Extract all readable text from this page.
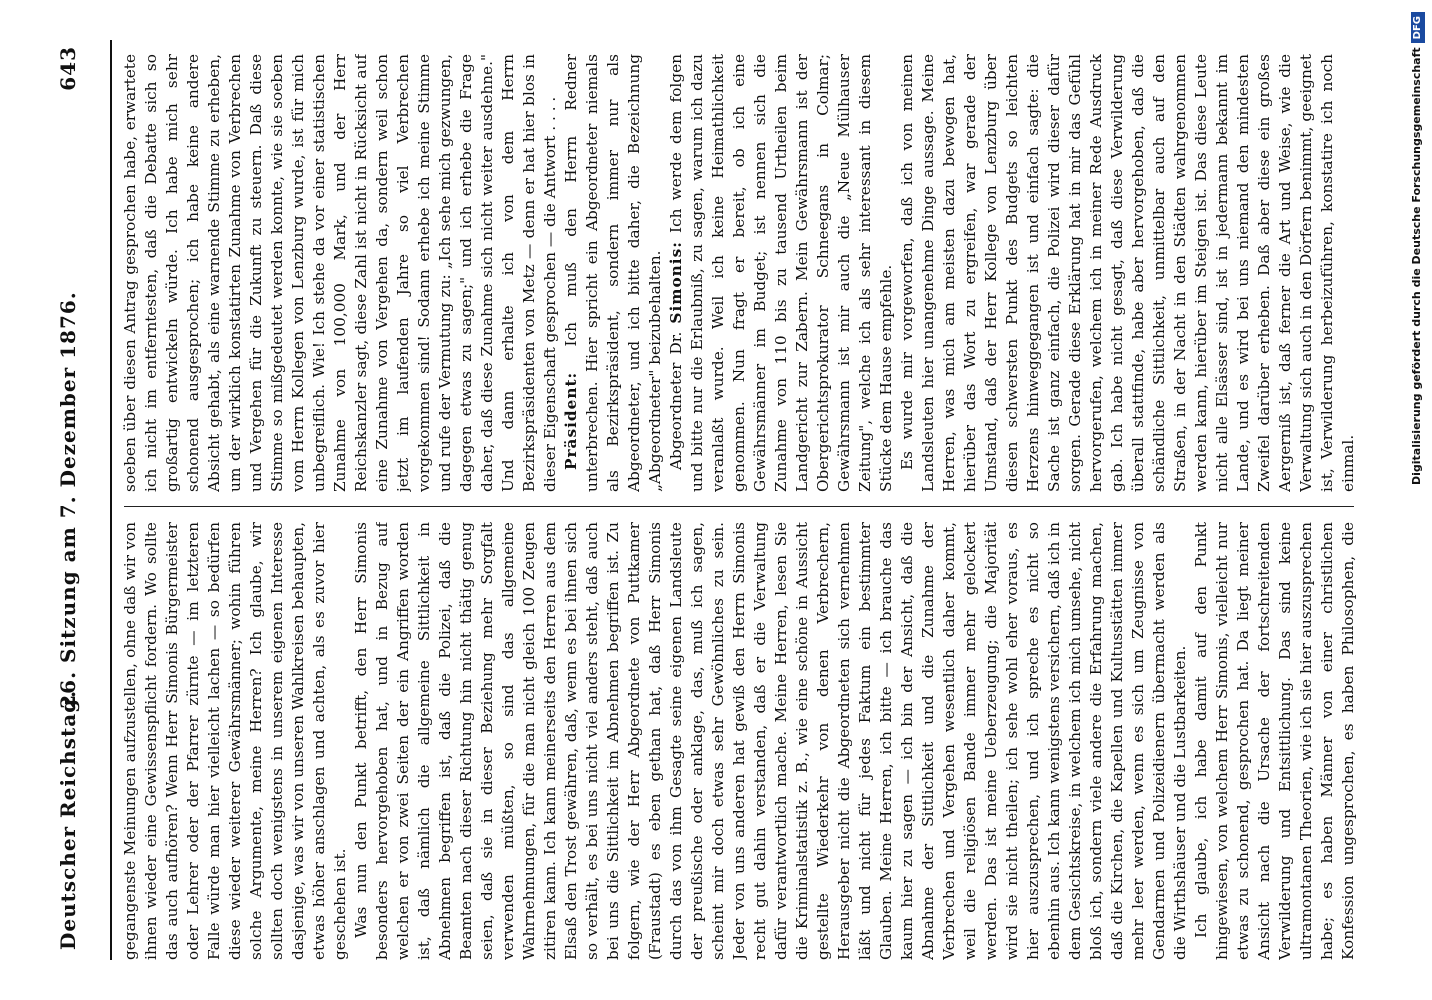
Deutscher Reichstag.
26. Sitzung am 7. Dezember 1876.
643

gegangenste Meinungen aufzustellen, ohne daß wir von ihnen wieder eine Gewissenspflicht fordern. Wo sollte das auch aufhören? Wenn Herr Simonis Bürgermeister oder Lehrer oder der Pfarrer zürnte — im letzteren Falle würde man hier vielleicht lachen — so bedürfen diese wieder weiterer Gewährsmänner; wohin führen solche Argumente, meine Herren? Ich glaube, wir sollten doch wenigstens in unserem eigenen Interesse dasjenige, was wir von unseren Wahlkreisen behaupten, etwas höher anschlagen und achten, als es zuvor hier geschehen ist. Was nun den Punkt betrifft, den Herr Simonis besonders hervorgehoben hat, und in Bezug auf welchen er von zwei Seiten der ein Angriffen worden ist, daß nämlich die allgemeine Sittlichkeit in Abnehmen begriffen ist, daß die Polizei, daß die Beamten nach dieser Richtung hin nicht thätig genug seien, daß sie in dieser Beziehung mehr Sorgfalt verwenden müßten, so sind das allgemeine Wahrnehmungen, für die man nicht gleich 100 Zeugen zitiren kann. Ich kann meinerseits den Herren aus dem Elsaß den Trost gewähren, daß, wenn es bei ihnen sich so verhält, es bei uns nicht viel anders steht, daß auch bei uns die Sittlichkeit im Abnehmen begriffen ist. Zu folgern, wie der Herr Abgeordnete von Puttkamer (Fraustadt) es eben gethan hat, daß Herr Simonis durch das von ihm Gesagte seine eigenen Landsleute der preußische oder anklage, das, muß ich sagen, scheint mir doch etwas sehr Gewöhnliches zu sein. Jeder von uns anderen hat gewiß den Herrn Simonis recht gut dahin verstanden, daß er die Verwaltung dafür verantwortlich mache. Meine Herren, lesen Sie die Kriminalstatistik z. B., wie eine schöne in Aussicht gestellte Wiederkehr von denen Verbrechern, Herausgeber nicht die Abgeordneten sich vernehmen läßt und nicht für jedes Faktum ein bestimmter Glauben. Meine Herren, ich bitte — ich brauche das kaum hier zu sagen — ich bin der Ansicht, daß die Abnahme der Sittlichkeit und die Zunahme der Verbrechen und Vergehen wesentlich daher kommt, weil die religiösen Bande immer mehr gelockert werden. Das ist meine Ueberzeugung; die Majorität wird sie nicht theilen; ich sehe wohl eher voraus, es hier auszusprechen, und ich spreche es nicht so ebenhin aus. Ich kann wenigstens versichern, daß ich in dem Gesichtskreise, in welchem ich mich umsehe, nicht bloß ich, sondern viele andere die Erfahrung machen, daß die Kirchen, die Kapellen und Kultusstätten immer mehr leer werden, wenn es sich um Zeugnisse von Gendarmen und Polizeidienern übermacht werden als die Wirthshäuser und die Lustbarkeiten. Ich glaube, ich habe damit auf den Punkt hingewiesen, von welchem Herr Simonis, vielleicht nur etwas zu schonend, gesprochen hat. Da liegt meiner Ansicht nach die Ursache der fortschreitenden Verwilderung und Entsittlichung. Das sind keine ultramontanen Theorien, wie ich sie hier auszusprechen habe; es haben Männer von einer christlichen Konfession ungesprochen, es haben Philosophen, die

soeben über diesen Antrag gesprochen habe, erwartete ich nicht im entferntesten, daß die Debatte sich so großartig entwickeln würde. Ich habe mich sehr schonend ausgesprochen; ich habe keine andere Absicht gehabt, als eine warnende Stimme zu erheben, um der wirklich konstatirten Zunahme von Verbrechen und Vergehen für die Zukunft zu steuern. Daß diese Stimme so mißgedeutet werden konnte, wie sie soeben vom Herrn Kollegen von Lenzburg wurde, ist für mich unbegreiflich. Wie! Ich stehe da vor einer statistischen Zunahme von 100,000 Mark, und der Herr Reichskanzler sagt, diese Zahl ist nicht in Rücksicht auf eine Zunahme von Vergehen da, sondern weil schon jetzt im laufenden Jahre so viel Verbrechen vorgekommen sind! Sodann erhebe ich meine Stimme und rufe der Vermutung zu: „Ich sehe mich gezwungen, dagegen etwas zu sagen;" und ich erhebe die Frage daher, daß diese Zunahme sich nicht weiter ausdehne." Und dann erhalte ich von dem Herrn Bezirkspräsidenten von Metz — denn er hat hier blos in dieser Eigenschaft gesprochen — die Antwort . . . . Präsident: Ich muß den Herrn Redner unterbrechen. Hier spricht ein Abgeordneter niemals als Bezirkspräsident, sondern immer nur als Abgeordneter, und ich bitte daher, die Bezeichnung „Abgeordneter" beizubehalten. Abgeordneter Dr. Simonis: Ich werde dem folgen und bitte nur die Erlaubniß, zu sagen, warum ich dazu veranlaßt wurde. Weil ich keine Heimathlichkeit genommen. Nun fragt er bereit, ob ich eine Gewährsmänner im Budget; ist nennen sich die Zunahme von 110 bis zu tausend Urtheilen beim Landgericht zur Zabern. Mein Gewährsmann ist der Obergerichtsprokurator Schneegans in Colmar; Gewährsmann ist mir auch die „Neue Mülhauser Zeitung", welche ich als sehr interessant in diesem Stücke dem Hause empfehle. Es wurde mir vorgeworfen, daß ich von meinen Landsleuten hier unangenehme Dinge aussage. Meine Herren, was mich am meisten dazu bewogen hat, hierüber das Wort zu ergreifen, war gerade der Umstand, daß der Herr Kollege von Lenzburg über diesen schwersten Punkt des Budgets so leichten Herzens hinweggegangen ist und einfach sagte: die Sache ist ganz einfach, die Polizei wird dieser dafür sorgen. Gerade diese Erklärung hat in mir das Gefühl hervorgerufen, welchem ich in meiner Rede Ausdruck gab. Ich habe nicht gesagt, daß diese Verwilderung überall stattfinde, habe aber hervorgehoben, daß die schändliche Sittlichkeit, unmittelbar auch auf den Straßen, in der Nacht in den Städten wahrgenommen werden kann, hierüber im Steigen ist. Das diese Leute nicht alle Elsässer sind, ist in jedermann bekannt im Lande, und es wird bei uns niemand den mindesten Zweifel darüber erheben. Daß aber diese ein großes Aergerniß ist, daß ferner die Art und Weise, wie die Verwaltung sich auch in den Dörfern benimmt, geeignet ist, Verwilderung herbeizuführen, konstatire ich noch einmal.	Digitalisierung gefördert durch die Deutsche ForschungsgemeinschaftDFG
